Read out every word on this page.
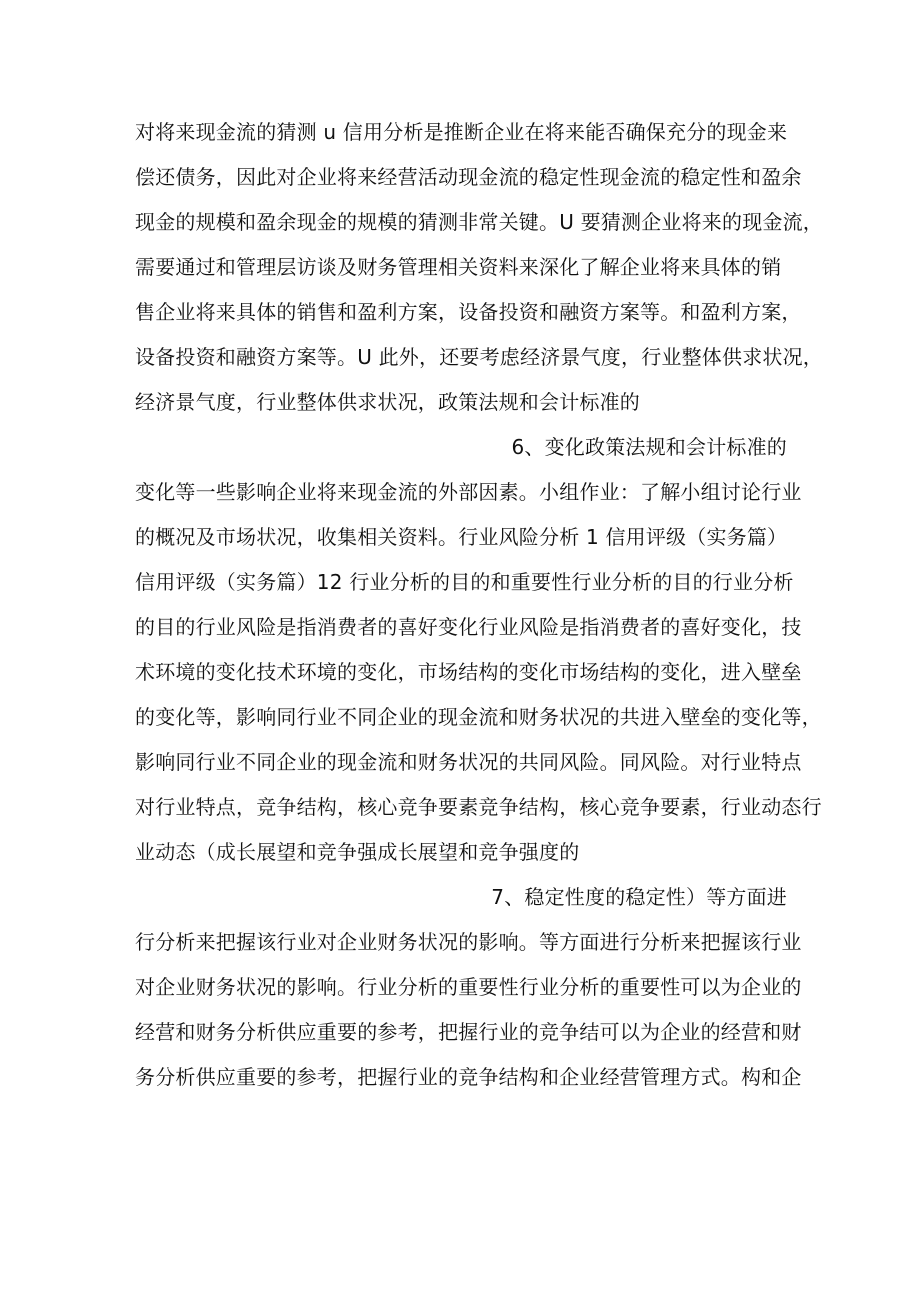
对将来现金流的猜测 u 信用分析是推断企业在将来能否确保充分的现金来
偿还债务，因此对企业将来经营活动现金流的稳定性现金流的稳定性和盈余
现金的规模和盈余现金的规模的猜测非常关键。U 要猜测企业将来的现金流，
需要通过和管理层访谈及财务管理相关资料来深化了解企业将来具体的销
售企业将来具体的销售和盈利方案，设备投资和融资方案等。和盈利方案，
设备投资和融资方案等。U 此外，还要考虑经济景气度，行业整体供求状况，
经济景气度，行业整体供求状况，政策法规和会计标准的
6、变化政策法规和会计标准的
变化等一些影响企业将来现金流的外部因素。小组作业：了解小组讨论行业
的概况及市场状况，收集相关资料。行业风险分析 1 信用评级（实务篇）
信用评级（实务篇）12 行业分析的目的和重要性行业分析的目的行业分析
的目的行业风险是指消费者的喜好变化行业风险是指消费者的喜好变化，技
术环境的变化技术环境的变化，市场结构的变化市场结构的变化，进入壁垒
的变化等，影响同行业不同企业的现金流和财务状况的共进入壁垒的变化等，
影响同行业不同企业的现金流和财务状况的共同风险。同风险。对行业特点
对行业特点，竞争结构，核心竞争要素竞争结构，核心竞争要素，行业动态行
业动态（成长展望和竞争强成长展望和竞争强度的
7、稳定性度的稳定性）等方面进
行分析来把握该行业对企业财务状况的影响。等方面进行分析来把握该行业
对企业财务状况的影响。行业分析的重要性行业分析的重要性可以为企业的
经营和财务分析供应重要的参考，把握行业的竞争结可以为企业的经营和财
务分析供应重要的参考，把握行业的竞争结构和企业经营管理方式。构和企
